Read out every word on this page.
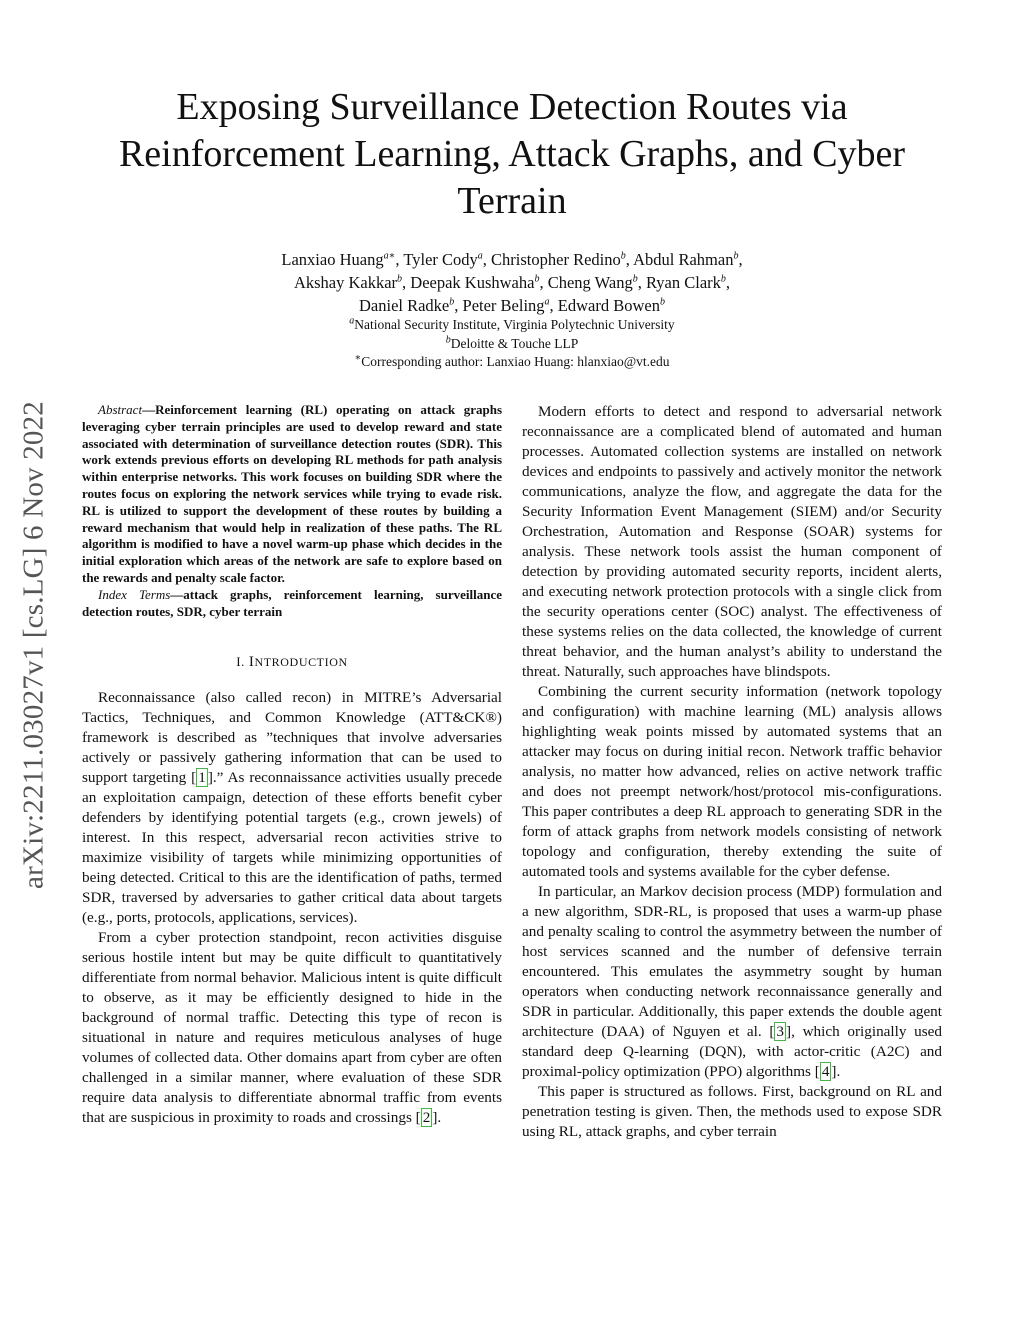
arXiv:2211.03027v1 [cs.LG] 6 Nov 2022
Exposing Surveillance Detection Routes via Reinforcement Learning, Attack Graphs, and Cyber Terrain
Lanxiao Huang$^{a∗}$, Tyler Cody$^a$, Christopher Redino$^b$, Abdul Rahman$^b$,
Akshay Kakkar$^b$, Deepak Kushwaha$^b$, Cheng Wang$^b$, Ryan Clark$^b$,
Daniel Radke$^b$, Peter Beling$^a$, Edward Bowen$^b$
$^a$National Security Institute, Virginia Polytechnic University
$^b$Deloitte & Touche LLP
∗Corresponding author: Lanxiao Huang: hlanxiao@vt.edu

Abstract—Reinforcement learning (RL) operating on attack graphs leveraging cyber terrain principles are used to develop reward and state associated with determination of surveillance detection routes (SDR). This work extends previous efforts on developing RL methods for path analysis within enterprise networks. This work focuses on building SDR where the routes focus on exploring the network services while trying to evade risk. RL is utilized to support the development of these routes by building a reward mechanism that would help in realization of these paths. The RL algorithm is modified to have a novel warm-up phase which decides in the initial exploration which areas of the network are safe to explore based on the rewards and penalty scale factor.

Index Terms—attack graphs, reinforcement learning, surveillance detection routes, SDR, cyber terrain

I. INTRODUCTION

Reconnaissance (also called recon) in MITRE’s Adversarial Tactics, Techniques, and Common Knowledge (ATT&CK®) framework is described as ”techniques that involve adversaries actively or passively gathering information that can be used to support targeting [ 1 ].” As reconnaissance activities usually precede an exploitation campaign, detection of these efforts benefit cyber defenders by identifying potential targets (e.g., crown jewels) of interest. In this respect, adversarial recon activities strive to maximize visibility of targets while minimizing opportunities of being detected. Critical to this are the identification of paths, termed SDR, traversed by adversaries to gather critical data about targets (e.g., ports, protocols, applications, services).

From a cyber protection standpoint, recon activities disguise serious hostile intent but may be quite difficult to quantitatively differentiate from normal behavior. Malicious intent is quite difficult to observe, as it may be efficiently designed to hide in the background of normal traffic. Detecting this type of recon is situational in nature and requires meticulous analyses of huge volumes of collected data. Other domains apart from cyber are often challenged in a similar manner, where evaluation of these SDR require data analysis to differentiate abnormal traffic from events that are suspicious in proximity to roads and crossings [ 2 ].

Modern efforts to detect and respond to adversarial network reconnaissance are a complicated blend of automated and human processes. Automated collection systems are installed on network devices and endpoints to passively and actively monitor the network communications, analyze the flow, and aggregate the data for the Security Information Event Management (SIEM) and/or Security Orchestration, Automation and Response (SOAR) systems for analysis. These network tools assist the human component of detection by providing automated security reports, incident alerts, and executing network protection protocols with a single click from the security operations center (SOC) analyst. The effectiveness of these systems relies on the data collected, the knowledge of current threat behavior, and the human analyst’s ability to understand the threat. Naturally, such approaches have blindspots.

Combining the current security information (network topology and configuration) with machine learning (ML) analysis allows highlighting weak points missed by automated systems that an attacker may focus on during initial recon. Network traffic behavior analysis, no matter how advanced, relies on active network traffic and does not preempt network/host/protocol mis-configurations. This paper contributes a deep RL approach to generating SDR in the form of attack graphs from network models consisting of network topology and configuration, thereby extending the suite of automated tools and systems available for the cyber defense.

In particular, an Markov decision process (MDP) formulation and a new algorithm, SDR-RL, is proposed that uses a warm-up phase and penalty scaling to control the asymmetry between the number of host services scanned and the number of defensive terrain encountered. This emulates the asymmetry sought by human operators when conducting network reconnaissance generally and SDR in particular. Additionally, this paper extends the double agent architecture (DAA) of Nguyen et al. [ 3 ], which originally used standard deep Q-learning (DQN), with actor-critic (A2C) and proximal-policy optimization (PPO) algorithms [ 4 ].

This paper is structured as follows. First, background on RL and penetration testing is given. Then, the methods used to expose SDR using RL, attack graphs, and cyber terrain
